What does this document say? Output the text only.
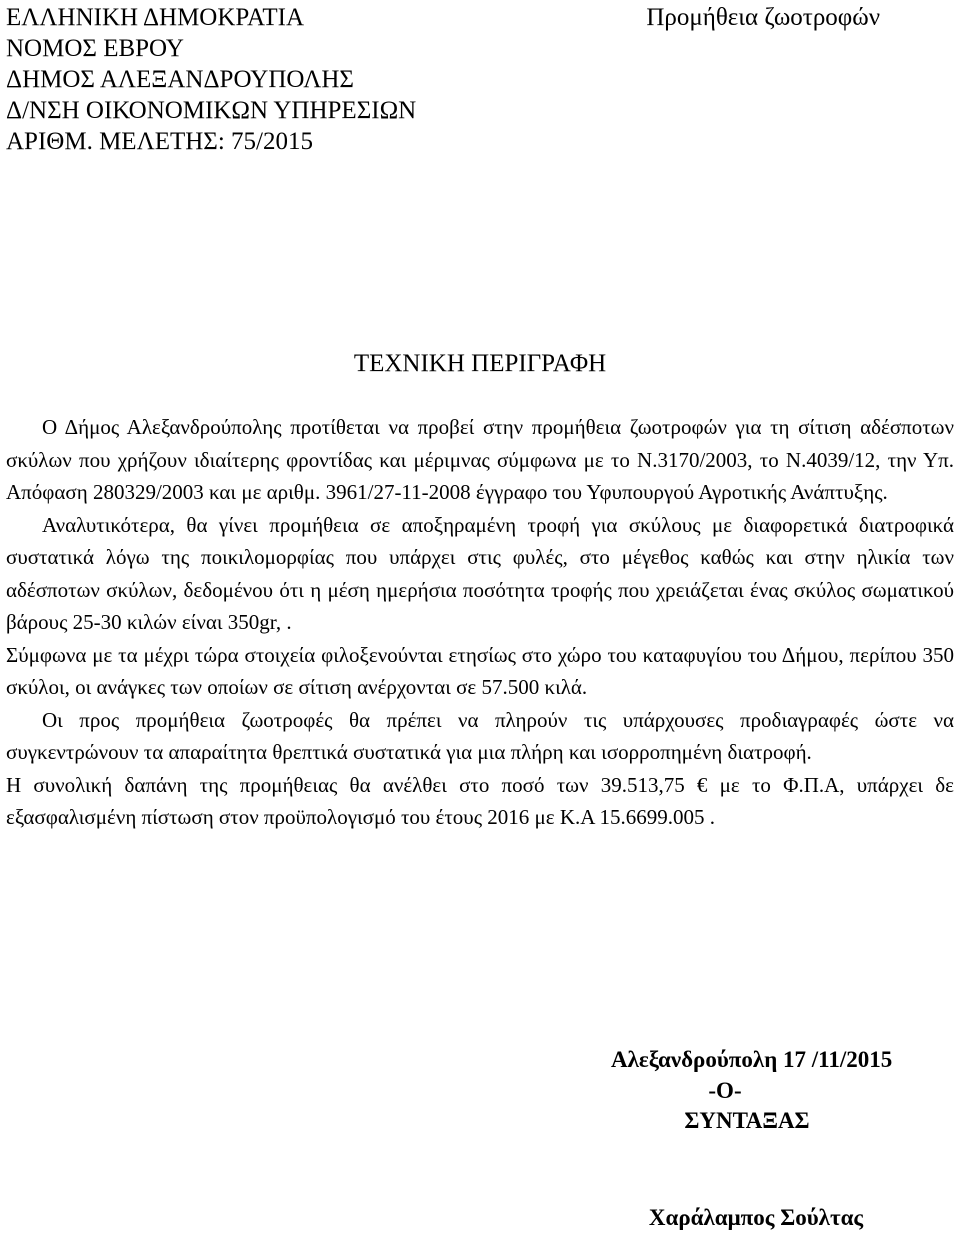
ΕΛΛΗΝΙΚΗ ΔΗΜΟΚΡΑΤΙΑ
ΝΟΜΟΣ ΕΒΡΟΥ
ΔΗΜΟΣ ΑΛΕΞΑΝΔΡΟΥΠΟΛΗΣ
Δ/ΝΣΗ ΟΙΚΟΝΟΜΙΚΩΝ ΥΠΗΡΕΣΙΩΝ
ΑΡΙΘΜ. ΜΕΛΕΤΗΣ: 75/2015
Προμήθεια ζωοτροφών
ΤΕΧΝΙΚΗ ΠΕΡΙΓΡΑΦΗ

Ο Δήμος Αλεξανδρούπολης προτίθεται να προβεί στην προμήθεια ζωοτροφών για τη σίτιση αδέσποτων σκύλων που χρήζουν ιδιαίτερης φροντίδας και μέριμνας σύμφωνα με το Ν.3170/2003, το Ν.4039/12, την Υπ. Απόφαση 280329/2003 και με αριθμ. 3961/27-11-2008 έγγραφο του Υφυπουργού Αγροτικής Ανάπτυξης.

Αναλυτικότερα, θα γίνει προμήθεια σε αποξηραμένη τροφή για σκύλους με διαφορετικά διατροφικά συστατικά λόγω της ποικιλομορφίας που υπάρχει στις φυλές, στο μέγεθος καθώς και στην ηλικία των αδέσποτων σκύλων, δεδομένου ότι η μέση ημερήσια ποσότητα τροφής που χρειάζεται ένας σκύλος σωματικού βάρους 25-30 κιλών είναι 350gr, .

Σύμφωνα με τα μέχρι τώρα στοιχεία φιλοξενούνται ετησίως στο χώρο του καταφυγίου του Δήμου, περίπου 350 σκύλοι, οι ανάγκες των οποίων σε σίτιση ανέρχονται σε 57.500 κιλά.

Οι προς προμήθεια ζωοτροφές θα πρέπει να πληρούν τις υπάρχουσες προδιαγραφές ώστε να συγκεντρώνουν τα απαραίτητα θρεπτικά συστατικά για μια πλήρη και ισορροπημένη διατροφή.

Η συνολική δαπάνη της προμήθειας θα ανέλθει στο ποσό των 39.513,75 € με το Φ.Π.Α, υπάρχει δε εξασφαλισμένη πίστωση στον προϋπολογισμό του έτους 2016 με Κ.Α 15.6699.005 .

Αλεξανδρούπολη 17 /11/2015
-Ο-
ΣΥΝΤΑΞΑΣ
Χαράλαμπος Σούλτας
